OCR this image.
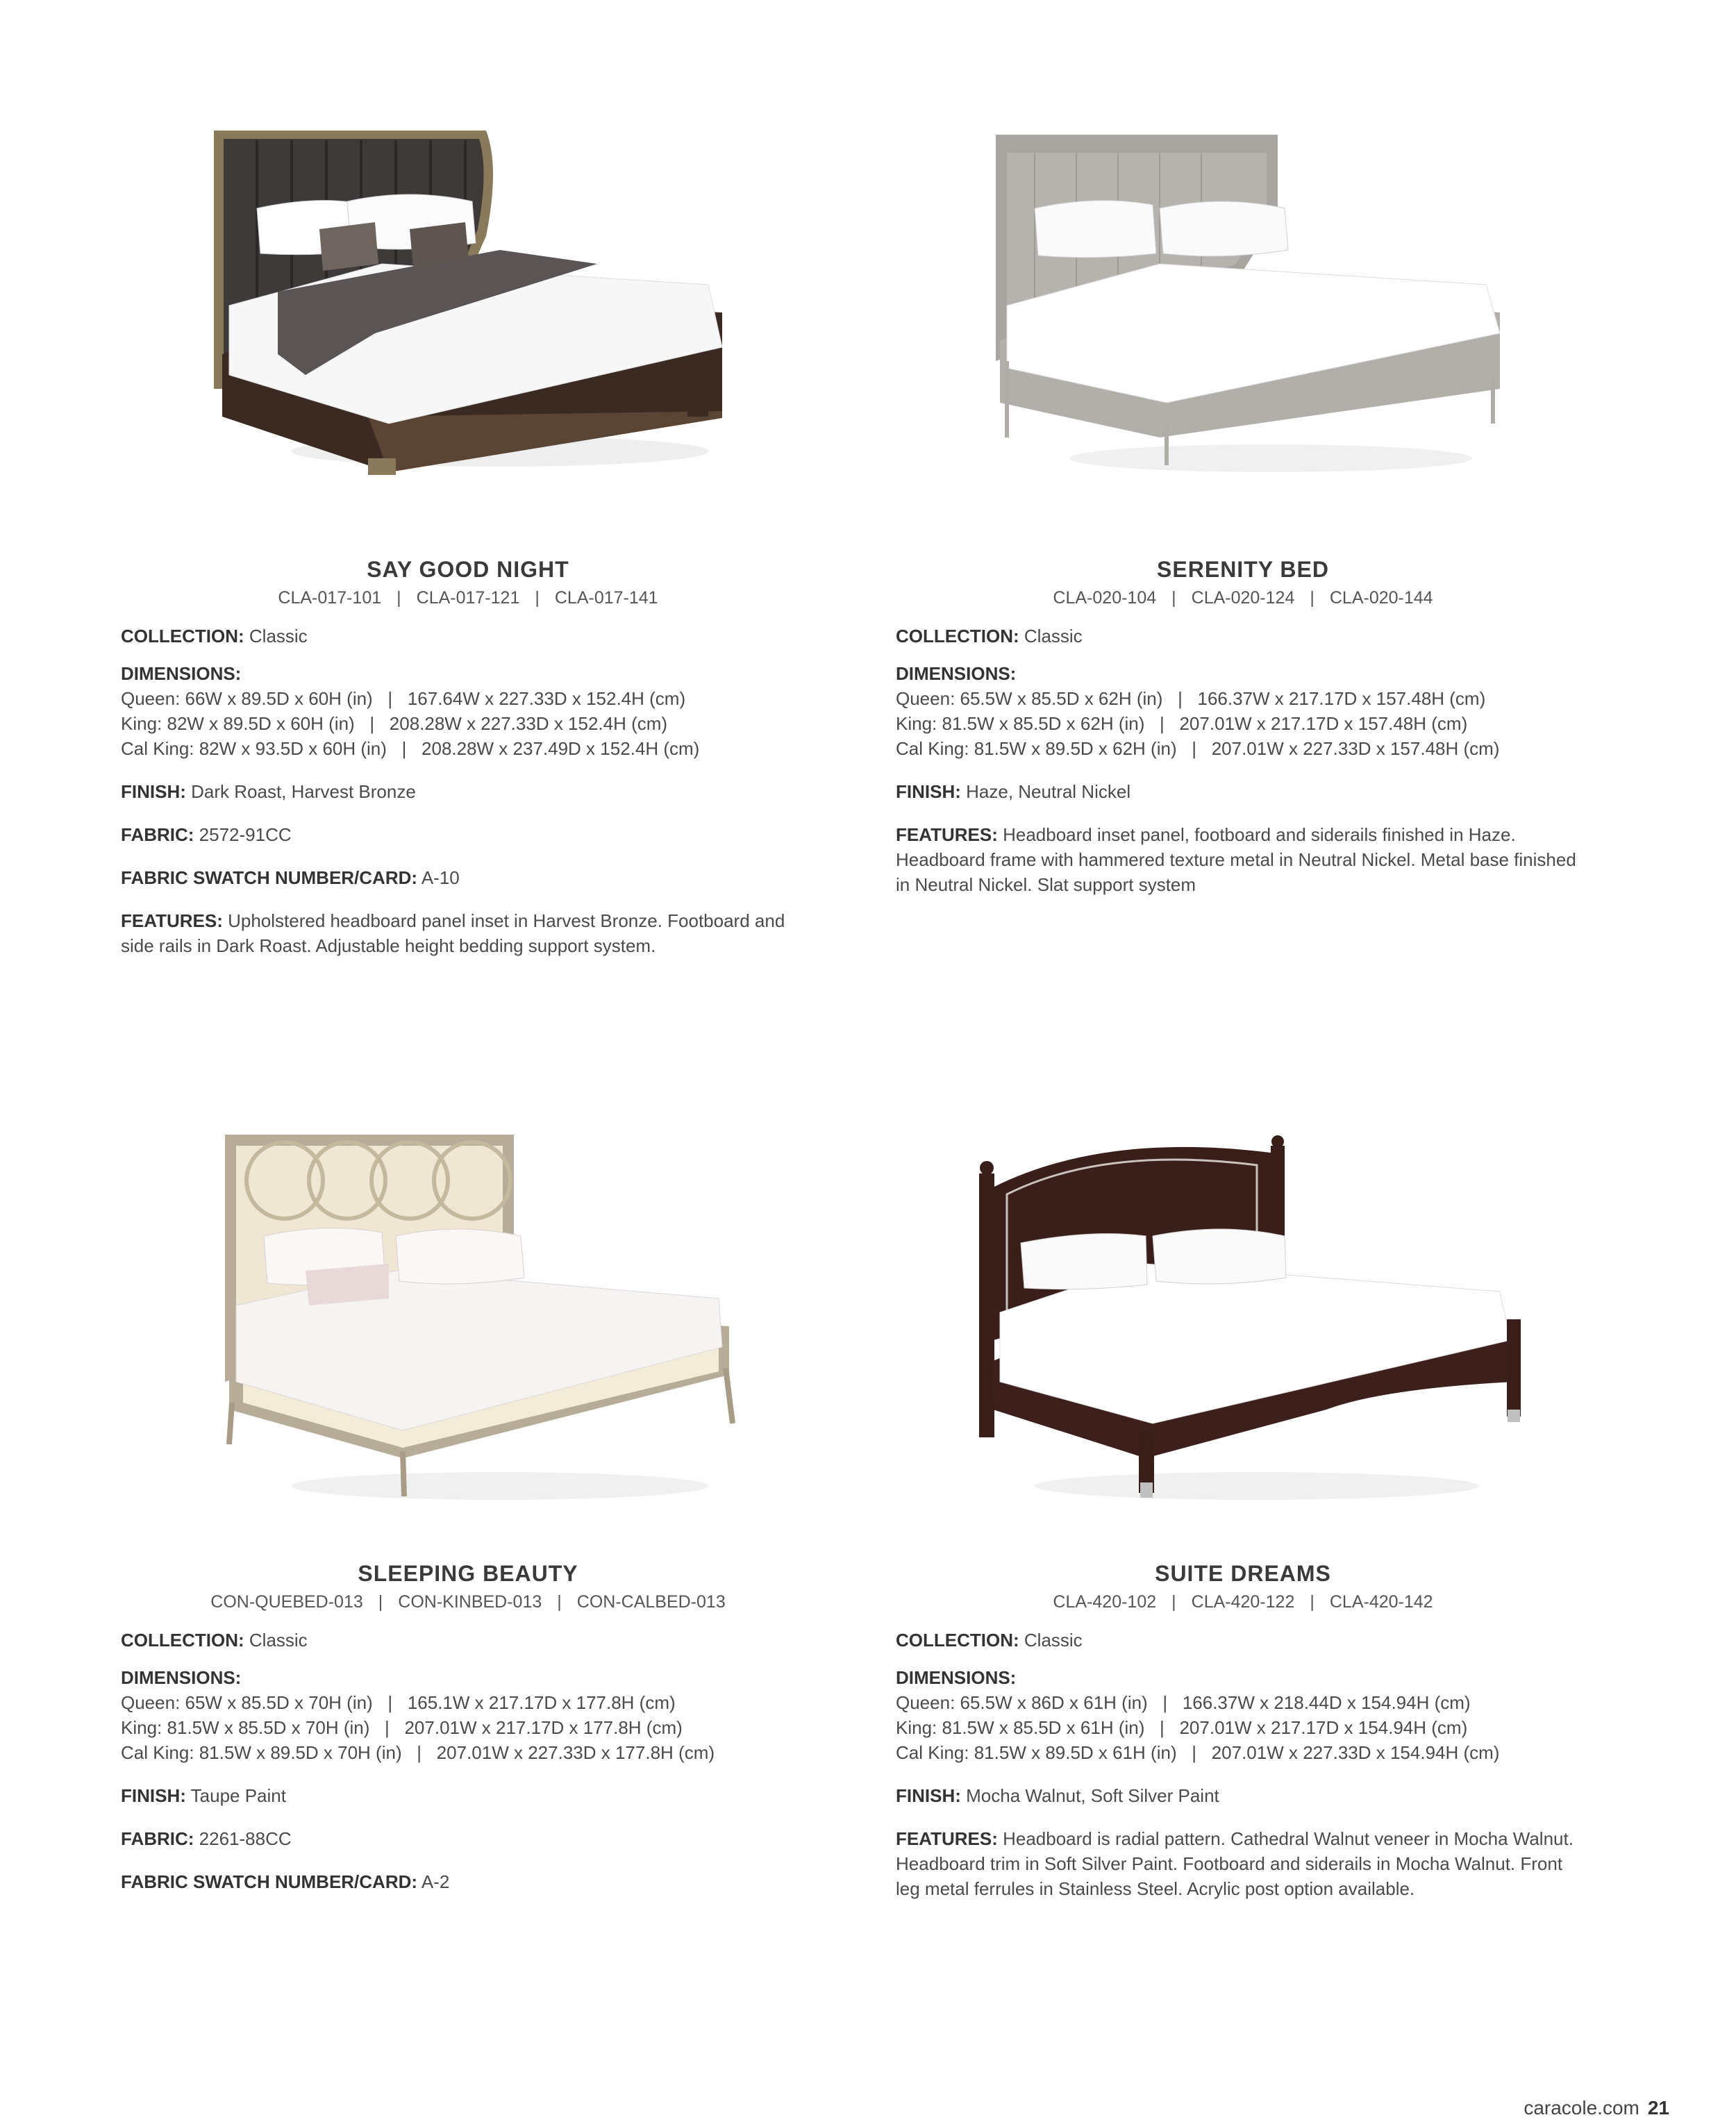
SAY GOOD NIGHT
CLA-017-101 | CLA-017-121 | CLA-017-141
COLLECTION: Classic
DIMENSIONS:
Queen: 66W x 89.5D x 60H (in)   |   167.64W x 227.33D x 152.4H (cm)
King: 82W x 89.5D x 60H (in)   |   208.28W x 227.33D x 152.4H (cm)
Cal King: 82W x 93.5D x 60H (in)   |   208.28W x 237.49D x 152.4H (cm)
FINISH: Dark Roast, Harvest Bronze
FABRIC: 2572-91CC
FABRIC SWATCH NUMBER/CARD: A-10
FEATURES: Upholstered headboard panel inset in Harvest Bronze. Footboard and side rails in Dark Roast. Adjustable height bedding support system.
SERENITY BED
CLA-020-104 | CLA-020-124 | CLA-020-144
COLLECTION: Classic
DIMENSIONS:
Queen: 65.5W x 85.5D x 62H (in)   |   166.37W x 217.17D x 157.48H (cm)
King: 81.5W x 85.5D x 62H (in)   |   207.01W x 217.17D x 157.48H (cm)
Cal King: 81.5W x 89.5D x 62H (in)   |   207.01W x 227.33D x 157.48H (cm)
FINISH: Haze, Neutral Nickel
FEATURES: Headboard inset panel, footboard and siderails finished in Haze. Headboard frame with hammered texture metal in Neutral Nickel. Metal base finished in Neutral Nickel. Slat support system
SLEEPING BEAUTY
CON-QUEBED-013 | CON-KINBED-013 | CON-CALBED-013
COLLECTION: Classic
DIMENSIONS:
Queen: 65W x 85.5D x 70H (in)   |   165.1W x 217.17D x 177.8H (cm)
King: 81.5W x 85.5D x 70H (in)   |   207.01W x 217.17D x 177.8H (cm)
Cal King: 81.5W x 89.5D x 70H (in)   |   207.01W x 227.33D x 177.8H (cm)
FINISH: Taupe Paint
FABRIC: 2261-88CC
FABRIC SWATCH NUMBER/CARD: A-2
SUITE DREAMS
CLA-420-102 | CLA-420-122 | CLA-420-142
COLLECTION: Classic
DIMENSIONS:
Queen: 65.5W x 86D x 61H (in)   |   166.37W x 218.44D x 154.94H (cm)
King: 81.5W x 85.5D x 61H (in)   |   207.01W x 217.17D x 154.94H (cm)
Cal King: 81.5W x 89.5D x 61H (in)   |   207.01W x 227.33D x 154.94H (cm)
FINISH: Mocha Walnut, Soft Silver Paint
FEATURES: Headboard is radial pattern. Cathedral Walnut veneer in Mocha Walnut. Headboard trim in Soft Silver Paint. Footboard and siderails in Mocha Walnut. Front leg metal ferrules in Stainless Steel. Acrylic post option available.
caracole.com 21
